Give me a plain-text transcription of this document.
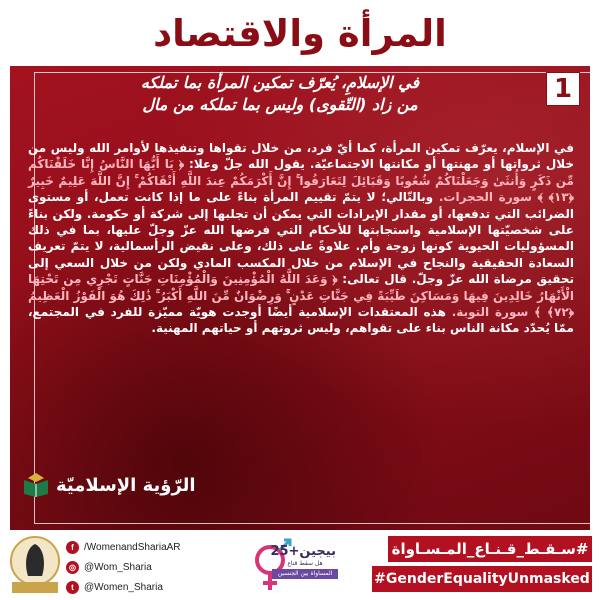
المرأة والاقتصاد
1
في الإسلامِ، يُعرّف تمكين المرأة بما تملكه
من زاد (التّقوى) وليس بما تملكه من مال
في الإسلام، يعرّف تمكين المرأة، كما أيّ فرد، من خلال تقواها وتنفيذها لأوامر الله وليس من خلال ثرواتها أو مهنتها أو مكانتها الاجتماعيّة. يقول الله جلّ وعلا: ﴿ يَا أَيُّهَا النَّاسُ إِنَّا خَلَقْنَاكُم مِّن ذَكَرٍ وَأُنثَىٰ وَجَعَلْنَاكُمْ شُعُوبًا وَقَبَائِلَ لِتَعَارَفُوا ۚ إِنَّ أَكْرَمَكُمْ عِندَ اللَّهِ أَتْقَاكُمْ ۚ إِنَّ اللَّهَ عَلِيمٌ خَبِيرٌ ﴿١٣﴾ ﴾ سورة الحجرات. وبالتّالي؛ لا يتمّ تقييم المرأة بناءً على ما إذا كانت تعمل، أو مستوى الضرائب التي تدفعها، أو مقدار الإيرادات التي يمكن أن تجلبها إلى شركة أو حكومة. ولكن بناءً على شخصيّتها الإسلامية واستجابتها للأحكام التي فرضها الله عزّ وجلّ عليها، بما في ذلك المسؤوليات الحيوية كونها زوجة وأم. علاوةً على ذلك، وعلى نقيض الرأسمالية، لا يتمّ تعريف السعادة الحقيقية والنجاح في الإسلام من خلال المكسب المادي ولكن من خلال السعي إلى تحقيق مرضاة الله عزّ وجلّ. قال تعالى: ﴿ وَعَدَ اللَّهُ الْمُؤْمِنِينَ وَالْمُؤْمِنَاتِ جَنَّاتٍ تَجْرِي مِن تَحْتِهَا الْأَنْهَارُ خَالِدِينَ فِيهَا وَمَسَاكِنَ طَيِّبَةً فِي جَنَّاتِ عَدْنٍ ۚ وَرِضْوَانٌ مِّنَ اللَّهِ أَكْبَرُ ۚ ذَٰلِكَ هُوَ الْفَوْزُ الْعَظِيمُ ﴿٧٢﴾ ﴾ سورة التوبة. هذه المعتقدات الإسلامية أيضًا أوجدت هويّة مميّزة للفرد في المجتمع، ممّا يُحدّد مكانة الناس بناء على تقواهم، وليس ثروتهم أو حياتهم المهنية.
الرّؤية الإسلاميّة
f	/WomenandShariaAR
◎ @Wom_Sharia
t	@Women_Sharia
بيجين+25
هل سقط قناع
المساواة بين الجنسين
#سـقـط_قـنـاع_المـسـاواة
#GenderEqualityUnmasked
